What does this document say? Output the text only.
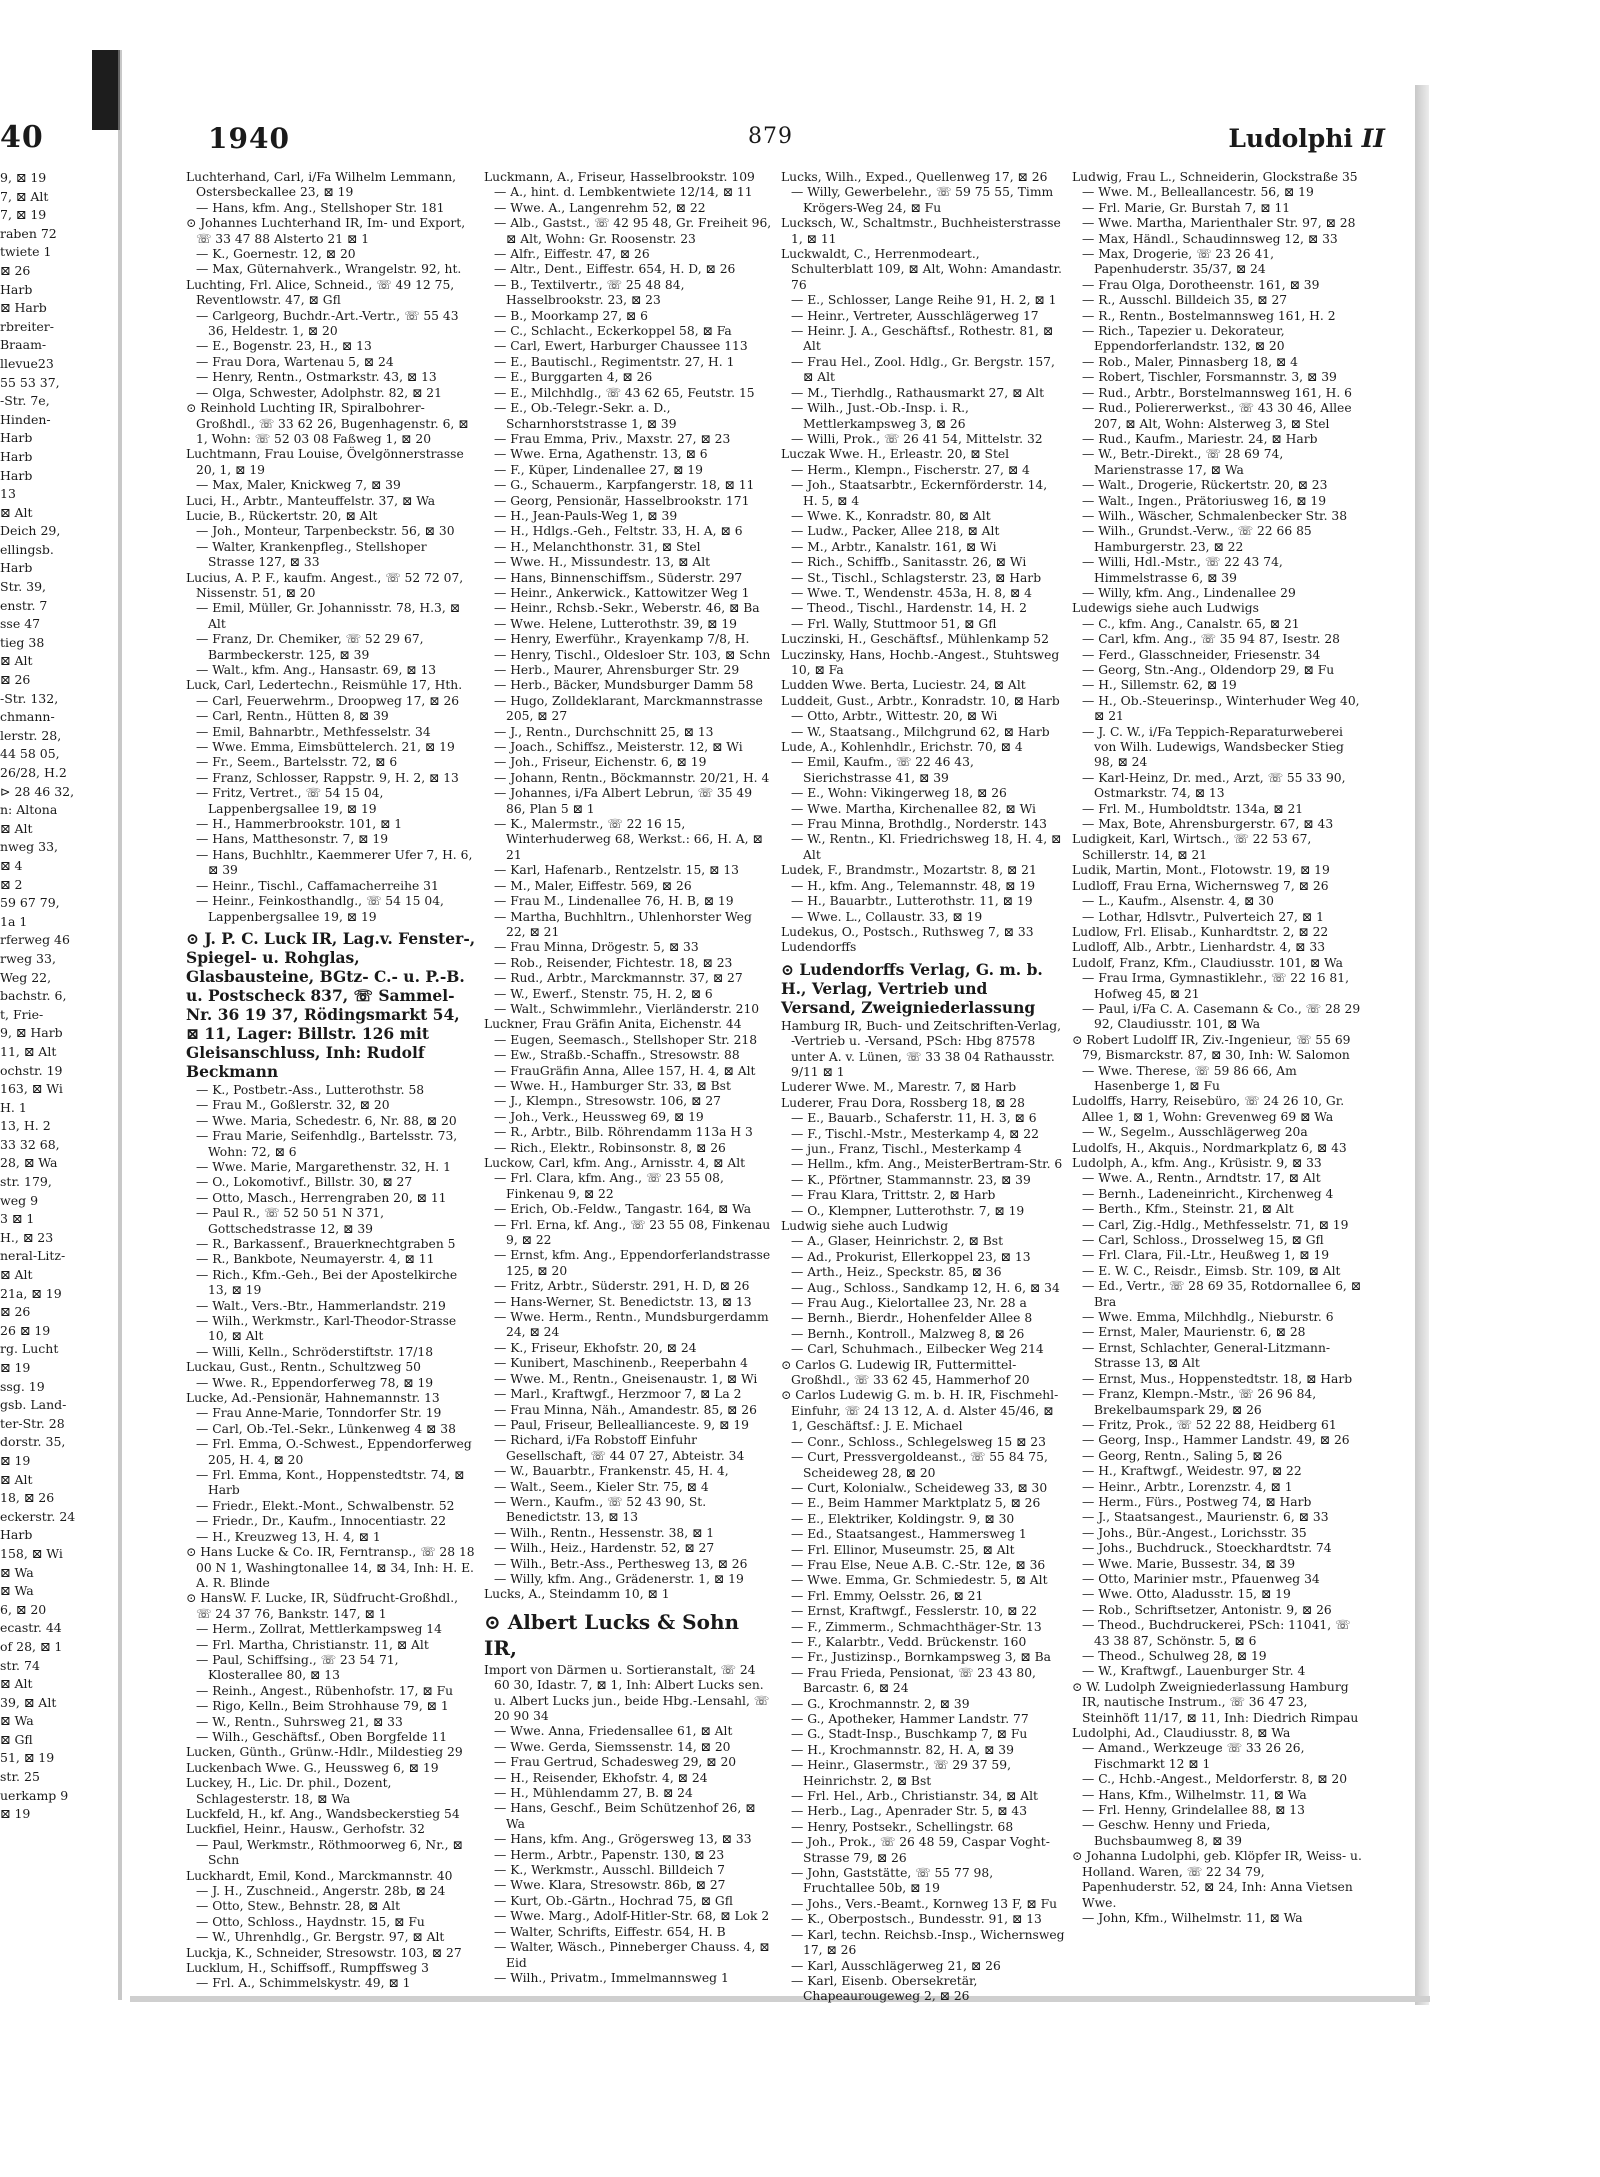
40
9, ⊠ 19
7, ⊠ Alt
7, ⊠ 19
raben 72
twiete 1
⊠ 26
Harb
⊠ Harb
rbreiter-
Braam-
llevue23
55 53 37,
-Str. 7e,
Hinden-
Harb
Harb
Harb
13
⊠ Alt
Deich 29,
ellingsb.
Harb
Str. 39,
enstr. 7
sse 47
tieg 38
⊠ Alt
⊠ 26
-Str. 132,
chmann-
lerstr. 28,
44 58 05,
26/28, H.2
⊳ 28 46 32,
n: Altona
⊠ Alt
nweg 33,
⊠ 4
⊠ 2
59 67 79,
1a 1
rferweg 46
rweg 33,
Weg 22,
bachstr. 6,
t, Frie-
9, ⊠ Harb
11, ⊠ Alt
ochstr. 19
163, ⊠ Wi
H. 1
13, H. 2
33 32 68,
28, ⊠ Wa
str. 179,
weg 9
3 ⊠ 1
H., ⊠ 23
neral-Litz-
⊠ Alt
21a, ⊠ 19
⊠ 26
26 ⊠ 19
rg. Lucht
⊠ 19
ssg. 19
gsb. Land-
ter-Str. 28
dorstr. 35,
⊠ 19
⊠ Alt
18, ⊠ 26
eckerstr. 24
Harb
158, ⊠ Wi
⊠ Wa
⊠ Wa
6, ⊠ 20
ecastr. 44
of 28, ⊠ 1
str. 74
⊠ Alt
39, ⊠ Alt
⊠ Wa
⊠ Gfl
51, ⊠ 19
str. 25
uerkamp 9
⊠ 19
1940	879	Ludolphi II

Luchterhand, Carl, i/Fa Wilhelm Lemmann, Ostersbeckallee 23, ⊠ 19

— Hans, kfm. Ang., Stellshoper Str. 181

⊙ Johannes Luchterhand IR, Im- und Export, ☏ 33 47 88 Alsterto 21 ⊠ 1

— K., Goernestr. 12, ⊠ 20

— Max, Güternahverk., Wrangelstr. 92, ht.

Luchting, Frl. Alice, Schneid., ☏ 49 12 75, Reventlowstr. 47, ⊠ Gfl

— Carlgeorg, Buchdr.-Art.-Vertr., ☏ 55 43 36, Heldestr. 1, ⊠ 20

— E., Bogenstr. 23, H., ⊠ 13

— Frau Dora, Wartenau 5, ⊠ 24

— Henry, Rentn., Ostmarkstr. 43, ⊠ 13

— Olga, Schwester, Adolphstr. 82, ⊠ 21

⊙ Reinhold Luchting IR, Spiralbohrer-Großhdl., ☏ 33 62 26, Bugenhagenstr. 6, ⊠ 1, Wohn: ☏ 52 03 08 Faßweg 1, ⊠ 20

Luchtmann, Frau Louise, Övelgönnerstrasse 20, 1, ⊠ 19

— Max, Maler, Knickweg 7, ⊠ 39

Luci, H., Arbtr., Manteuffelstr. 37, ⊠ Wa

Lucie, B., Rückertstr. 20, ⊠ Alt

— Joh., Monteur, Tarpenbeckstr. 56, ⊠ 30

— Walter, Krankenpfleg., Stellshoper Strasse 127, ⊠ 33

Lucius, A. P. F., kaufm. Angest., ☏ 52 72 07, Nissenstr. 51, ⊠ 20

— Emil, Müller, Gr. Johannisstr. 78, H.3, ⊠ Alt

— Franz, Dr. Chemiker, ☏ 52 29 67, Barmbeckerstr. 125, ⊠ 39

— Walt., kfm. Ang., Hansastr. 69, ⊠ 13

Luck, Carl, Ledertechn., Reismühle 17, Hth.

— Carl, Feuerwehrm., Droopweg 17, ⊠ 26

— Carl, Rentn., Hütten 8, ⊠ 39

— Emil, Bahnarbtr., Methfesselstr. 34

— Wwe. Emma, Eimsbüttelerch. 21, ⊠ 19

— Fr., Seem., Bartelsstr. 72, ⊠ 6

— Franz, Schlosser, Rappstr. 9, H. 2, ⊠ 13

— Fritz, Vertret., ☏ 54 15 04, Lappenbergsallee 19, ⊠ 19

— H., Hammerbrookstr. 101, ⊠ 1

— Hans, Matthesonstr. 7, ⊠ 19

— Hans, Buchhltr., Kaemmerer Ufer 7, H. 6, ⊠ 39

— Heinr., Tischl., Caffamacherreihe 31

— Heinr., Feinkosthandlg., ☏ 54 15 04, Lappenbergsallee 19, ⊠ 19

⊙ J. P. C. Luck IR, Lag.v. Fenster-, Spiegel- u. Rohglas, Glasbausteine, BGtz- C.- u. P.-B. u. Postscheck 837, ☏ Sammel-Nr. 36 19 37, Rödingsmarkt 54, ⊠ 11, Lager: Billstr. 126 mit Gleisanschluss, Inh: Rudolf Beckmann

— K., Postbetr.-Ass., Lutterothstr. 58

— Frau M., Goßlerstr. 32, ⊠ 20

— Wwe. Maria, Schedestr. 6, Nr. 88, ⊠ 20

— Frau Marie, Seifenhdlg., Bartelsstr. 73, Wohn: 72, ⊠ 6

— Wwe. Marie, Margarethenstr. 32, H. 1

— O., Lokomotivf., Billstr. 30, ⊠ 27

— Otto, Masch., Herrengraben 20, ⊠ 11

— Paul R., ☏ 52 50 51 N 371, Gottschedstrasse 12, ⊠ 39

— R., Barkassenf., Brauerknechtgraben 5

— R., Bankbote, Neumayerstr. 4, ⊠ 11

— Rich., Kfm.-Geh., Bei der Apostelkirche 13, ⊠ 19

— Walt., Vers.-Btr., Hammerlandstr. 219

— Wilh., Werkmstr., Karl-Theodor-Strasse 10, ⊠ Alt

— Willi, Kelln., Schröderstiftstr. 17/18

Luckau, Gust., Rentn., Schultzweg 50

— Wwe. R., Eppendorferweg 78, ⊠ 19

Lucke, Ad.-Pensionär, Hahnemannstr. 13

— Frau Anne-Marie, Tonndorfer Str. 19

— Carl, Ob.-Tel.-Sekr., Lünkenweg 4 ⊠ 38

— Frl. Emma, O.-Schwest., Eppendorferweg 205, H. 4, ⊠ 20

— Frl. Emma, Kont., Hoppenstedtstr. 74, ⊠ Harb

— Friedr., Elekt.-Mont., Schwalbenstr. 52

— Friedr., Dr., Kaufm., Innocentiastr. 22

— H., Kreuzweg 13, H. 4, ⊠ 1

⊙ Hans Lucke & Co. IR, Ferntransp., ☏ 28 18 00 N 1, Washingtonallee 14, ⊠ 34, Inh: H. E. A. R. Blinde

⊙ HansW. F. Lucke, IR, Südfrucht-Großhdl., ☏ 24 37 76, Bankstr. 147, ⊠ 1

— Herm., Zollrat, Mettlerkampsweg 14

— Frl. Martha, Christianstr. 11, ⊠ Alt

— Paul, Schiffsing., ☏ 23 54 71, Klosterallee 80, ⊠ 13

— Reinh., Angest., Rübenhofstr. 17, ⊠ Fu

— Rigo, Kelln., Beim Strohhause 79, ⊠ 1

— W., Rentn., Suhrsweg 21, ⊠ 33

— Wilh., Geschäftsf., Oben Borgfelde 11

Lucken, Günth., Grünw.-Hdlr., Mildestieg 29

Luckenbach Wwe. G., Heussweg 6, ⊠ 19

Luckey, H., Lic. Dr. phil., Dozent, Schlagesterstr. 18, ⊠ Wa

Luckfeld, H., kf. Ang., Wandsbeckerstieg 54

Luckfiel, Heinr., Hausw., Gerhofstr. 32

— Paul, Werkmstr., Röthmoorweg 6, Nr., ⊠ Schn

Luckhardt, Emil, Kond., Marckmannstr. 40

— J. H., Zuschneid., Angerstr. 28b, ⊠ 24

— Otto, Stew., Behnstr. 28, ⊠ Alt

— Otto, Schloss., Haydnstr. 15, ⊠ Fu

— W., Uhrenhdlg., Gr. Bergstr. 97, ⊠ Alt

Luckja, K., Schneider, Stresowstr. 103, ⊠ 27

Lucklum, H., Schiffsoff., Rumpffsweg 3

— Frl. A., Schimmelskystr. 49, ⊠ 1

Luckmann, A., Friseur, Hasselbrookstr. 109

— A., hint. d. Lembkentwiete 12/14, ⊠ 11

— Wwe. A., Langenrehm 52, ⊠ 22

— Alb., Gastst., ☏ 42 95 48, Gr. Freiheit 96, ⊠ Alt, Wohn: Gr. Roosenstr. 23

— Alfr., Eiffestr. 47, ⊠ 26

— Altr., Dent., Eiffestr. 654, H. D, ⊠ 26

— B., Textilvertr., ☏ 25 48 84, Hasselbrookstr. 23, ⊠ 23

— B., Moorkamp 27, ⊠ 6

— C., Schlacht., Eckerkoppel 58, ⊠ Fa

— Carl, Ewert, Harburger Chaussee 113

— E., Bautischl., Regimentstr. 27, H. 1

— E., Burggarten 4, ⊠ 26

— E., Milchhdlg., ☏ 43 62 65, Feutstr. 15

— E., Ob.-Telegr.-Sekr. a. D., Scharnhorststrasse 1, ⊠ 39

— Frau Emma, Priv., Maxstr. 27, ⊠ 23

— Wwe. Erna, Agathenstr. 13, ⊠ 6

— F., Küper, Lindenallee 27, ⊠ 19

— G., Schauerm., Karpfangerstr. 18, ⊠ 11

— Georg, Pensionär, Hasselbrookstr. 171

— H., Jean-Pauls-Weg 1, ⊠ 39

— H., Hdlgs.-Geh., Feltstr. 33, H. A, ⊠ 6

— H., Melanchthonstr. 31, ⊠ Stel

— Wwe. H., Missundestr. 13, ⊠ Alt

— Hans, Binnenschiffsm., Süderstr. 297

— Heinr., Ankerwick., Kattowitzer Weg 1

— Heinr., Rchsb.-Sekr., Weberstr. 46, ⊠ Ba

— Wwe. Helene, Lutterothstr. 39, ⊠ 19

— Henry, Ewerführ., Krayenkamp 7/8, H.

— Henry, Tischl., Oldesloer Str. 103, ⊠ Schn

— Herb., Maurer, Ahrensburger Str. 29

— Herb., Bäcker, Mundsburger Damm 58

— Hugo, Zolldeklarant, Marckmannstrasse 205, ⊠ 27

— J., Rentn., Durchschnitt 25, ⊠ 13

— Joach., Schiffsz., Meisterstr. 12, ⊠ Wi

— Joh., Friseur, Eichenstr. 6, ⊠ 19

— Johann, Rentn., Böckmannstr. 20/21, H. 4

— Johannes, i/Fa Albert Lebrun, ☏ 35 49 86, Plan 5 ⊠ 1

— K., Malermstr., ☏ 22 16 15, Winterhuderweg 68, Werkst.: 66, H. A, ⊠ 21

— Karl, Hafenarb., Rentzelstr. 15, ⊠ 13

— M., Maler, Eiffestr. 569, ⊠ 26

— Frau M., Lindenallee 76, H. B, ⊠ 19

— Martha, Buchhltrn., Uhlenhorster Weg 22, ⊠ 21

— Frau Minna, Drögestr. 5, ⊠ 33

— Rob., Reisender, Fichtestr. 18, ⊠ 23

— Rud., Arbtr., Marckmannstr. 37, ⊠ 27

— W., Ewerf., Stenstr. 75, H. 2, ⊠ 6

— Walt., Schwimmlehr., Vierländerstr. 210

Luckner, Frau Gräfin Anita, Eichenstr. 44

— Eugen, Seemasch., Stellshoper Str. 218

— Ew., Straßb.-Schaffn., Stresowstr. 88

— FrauGräfin Anna, Allee 157, H. 4, ⊠ Alt

— Wwe. H., Hamburger Str. 33, ⊠ Bst

— J., Klempn., Stresowstr. 106, ⊠ 27

— Joh., Verk., Heussweg 69, ⊠ 19

— R., Arbtr., Bilb. Röhrendamm 113a H 3

— Rich., Elektr., Robinsonstr. 8, ⊠ 26

Luckow, Carl, kfm. Ang., Arnisstr. 4, ⊠ Alt

— Frl. Clara, kfm. Ang., ☏ 23 55 08, Finkenau 9, ⊠ 22

— Erich, Ob.-Feldw., Tangastr. 164, ⊠ Wa

— Frl. Erna, kf. Ang., ☏ 23 55 08, Finkenau 9, ⊠ 22

— Ernst, kfm. Ang., Eppendorferlandstrasse 125, ⊠ 20

— Fritz, Arbtr., Süderstr. 291, H. D, ⊠ 26

— Hans-Werner, St. Benedictstr. 13, ⊠ 13

— Wwe. Herm., Rentn., Mundsburgerdamm 24, ⊠ 24

— K., Friseur, Ekhofstr. 20, ⊠ 24

— Kunibert, Maschinenb., Reeperbahn 4

— Wwe. M., Rentn., Gneisenaustr. 1, ⊠ Wi

— Marl., Kraftwgf., Herzmoor 7, ⊠ La 2

— Frau Minna, Näh., Amandestr. 85, ⊠ 26

— Paul, Friseur, Belleallianceste. 9, ⊠ 19

— Richard, i/Fa Robstoff Einfuhr Gesellschaft, ☏ 44 07 27, Abteistr. 34

— W., Bauarbtr., Frankenstr. 45, H. 4,

— Walt., Seem., Kieler Str. 75, ⊠ 4

— Wern., Kaufm., ☏ 52 43 90, St. Benedictstr. 13, ⊠ 13

— Wilh., Rentn., Hessenstr. 38, ⊠ 1

— Wilh., Heiz., Hardenstr. 52, ⊠ 27

— Wilh., Betr.-Ass., Perthesweg 13, ⊠ 26

— Willy, kfm. Ang., Grädenerstr. 1, ⊠ 19

Lucks, A., Steindamm 10, ⊠ 1

⊙ Albert Lucks & Sohn IR,

Import von Därmen u. Sortieranstalt, ☏ 24 60 30, Idastr. 7, ⊠ 1, Inh: Albert Lucks sen. u. Albert Lucks jun., beide Hbg.-Lensahl, ☏ 20 90 34

— Wwe. Anna, Friedensallee 61, ⊠ Alt

— Wwe. Gerda, Siemssenstr. 14, ⊠ 20

— Frau Gertrud, Schadesweg 29, ⊠ 20

— H., Reisender, Ekhofstr. 4, ⊠ 24

— H., Mühlendamm 27, B. ⊠ 24

— Hans, Geschf., Beim Schützenhof 26, ⊠ Wa

— Hans, kfm. Ang., Grögersweg 13, ⊠ 33

— Herm., Arbtr., Papenstr. 130, ⊠ 23

— K., Werkmstr., Ausschl. Billdeich 7

— Wwe. Klara, Stresowstr. 86b, ⊠ 27

— Kurt, Ob.-Gärtn., Hochrad 75, ⊠ Gfl

— Wwe. Marg., Adolf-Hitler-Str. 68, ⊠ Lok 2

— Walter, Schrifts, Eiffestr. 654, H. B

— Walter, Wäsch., Pinneberger Chauss. 4, ⊠ Eid

— Wilh., Privatm., Immelmannsweg 1

Lucks, Wilh., Exped., Quellenweg 17, ⊠ 26

— Willy, Gewerbelehr., ☏ 59 75 55, Timm Krögers-Weg 24, ⊠ Fu

Lucksch, W., Schaltmstr., Buchheisterstrasse 1, ⊠ 11

Luckwaldt, C., Herrenmodeart., Schulterblatt 109, ⊠ Alt, Wohn: Amandastr. 76

— E., Schlosser, Lange Reihe 91, H. 2, ⊠ 1

— Heinr., Vertreter, Ausschlägerweg 17

— Heinr. J. A., Geschäftsf., Rothestr. 81, ⊠ Alt

— Frau Hel., Zool. Hdlg., Gr. Bergstr. 157, ⊠ Alt

— M., Tierhdlg., Rathausmarkt 27, ⊠ Alt

— Wilh., Just.-Ob.-Insp. i. R., Mettlerkampsweg 3, ⊠ 26

— Willi, Prok., ☏ 26 41 54, Mittelstr. 32

Luczak Wwe. H., Erleastr. 20, ⊠ Stel

— Herm., Klempn., Fischerstr. 27, ⊠ 4

— Joh., Staatsarbtr., Eckernförderstr. 14, H. 5, ⊠ 4

— Wwe. K., Konradstr. 80, ⊠ Alt

— Ludw., Packer, Allee 218, ⊠ Alt

— M., Arbtr., Kanalstr. 161, ⊠ Wi

— Rich., Schiffb., Sanitasstr. 26, ⊠ Wi

— St., Tischl., Schlagsterstr. 23, ⊠ Harb

— Wwe. T., Wendenstr. 453a, H. 8, ⊠ 4

— Theod., Tischl., Hardenstr. 14, H. 2

— Frl. Wally, Stuttmoor 51, ⊠ Gfl

Luczinski, H., Geschäftsf., Mühlenkamp 52

Luczinsky, Hans, Hochb.-Angest., Stuhtsweg 10, ⊠ Fa

Ludden Wwe. Berta, Luciestr. 24, ⊠ Alt

Luddeit, Gust., Arbtr., Konradstr. 10, ⊠ Harb

— Otto, Arbtr., Wittestr. 20, ⊠ Wi

— W., Staatsang., Milchgrund 62, ⊠ Harb

Lude, A., Kohlenhdlr., Erichstr. 70, ⊠ 4

— Emil, Kaufm., ☏ 22 46 43, Sierichstrasse 41, ⊠ 39

— E., Wohn: Vikingerweg 18, ⊠ 26

— Wwe. Martha, Kirchenallee 82, ⊠ Wi

— Frau Minna, Brothdlg., Norderstr. 143

— W., Rentn., Kl. Friedrichsweg 18, H. 4, ⊠ Alt

Ludek, F., Brandmstr., Mozartstr. 8, ⊠ 21

— H., kfm. Ang., Telemannstr. 48, ⊠ 19

— H., Bauarbtr., Lutterothstr. 11, ⊠ 19

— Wwe. L., Collaustr. 33, ⊠ 19

Ludekus, O., Postsch., Ruthsweg 7, ⊠ 33

Ludendorffs

⊙ Ludendorffs Verlag, G. m. b. H., Verlag, Vertrieb und Versand, Zweigniederlassung

Hamburg IR, Buch- und Zeitschriften-Verlag, -Vertrieb u. -Versand, PSch: Hbg 87578 unter A. v. Lünen, ☏ 33 38 04 Rathausstr. 9/11 ⊠ 1

Luderer Wwe. M., Marestr. 7, ⊠ Harb

Luderer, Frau Dora, Rossberg 18, ⊠ 28

— E., Bauarb., Schaferstr. 11, H. 3, ⊠ 6

— F., Tischl.-Mstr., Mesterkamp 4, ⊠ 22

— jun., Franz, Tischl., Mesterkamp 4

— Hellm., kfm. Ang., MeisterBertram-Str. 6

— K., Pförtner, Stammannstr. 23, ⊠ 39

— Frau Klara, Trittstr. 2, ⊠ Harb

— O., Klempner, Lutterothstr. 7, ⊠ 19

Ludwig siehe auch Ludwig

— A., Glaser, Heinrichstr. 2, ⊠ Bst

— Ad., Prokurist, Ellerkoppel 23, ⊠ 13

— Arth., Heiz., Speckstr. 85, ⊠ 36

— Aug., Schloss., Sandkamp 12, H. 6, ⊠ 34

— Frau Aug., Kielortallee 23, Nr. 28 a

— Bernh., Bierdr., Hohenfelder Allee 8

— Bernh., Kontroll., Malzweg 8, ⊠ 26

— Carl, Schuhmach., Eilbecker Weg 214

⊙ Carlos G. Ludewig IR, Futtermittel-Großhdl., ☏ 33 62 45, Hammerhof 20

⊙ Carlos Ludewig G. m. b. H. IR, Fischmehl-Einfuhr, ☏ 24 13 12, A. d. Alster 45/46, ⊠ 1, Geschäftsf.: J. E. Michael

— Conr., Schloss., Schlegelsweg 15 ⊠ 23

— Curt, Pressvergoldeanst., ☏ 55 84 75, Scheideweg 28, ⊠ 20

— Curt, Kolonialw., Scheideweg 33, ⊠ 30

— E., Beim Hammer Marktplatz 5, ⊠ 26

— E., Elektriker, Koldingstr. 9, ⊠ 30

— Ed., Staatsangest., Hammersweg 1

— Frl. Ellinor, Museumstr. 25, ⊠ Alt

— Frau Else, Neue A.B. C.-Str. 12e, ⊠ 36

— Wwe. Emma, Gr. Schmiedestr. 5, ⊠ Alt

— Frl. Emmy, Oelsstr. 26, ⊠ 21

— Ernst, Kraftwgf., Fesslerstr. 10, ⊠ 22

— F., Zimmerm., Schmachthäger-Str. 13

— F., Kalarbtr., Vedd. Brückenstr. 160

— Fr., Justizinsp., Bornkampsweg 3, ⊠ Ba

— Frau Frieda, Pensionat, ☏ 23 43 80, Barcastr. 6, ⊠ 24

— G., Krochmannstr. 2, ⊠ 39

— G., Apotheker, Hammer Landstr. 77

— G., Stadt-Insp., Buschkamp 7, ⊠ Fu

— H., Krochmannstr. 82, H. A, ⊠ 39

— Heinr., Glasermstr., ☏ 29 37 59, Heinrichstr. 2, ⊠ Bst

— Frl. Hel., Arb., Christianstr. 34, ⊠ Alt

— Herb., Lag., Apenrader Str. 5, ⊠ 43

— Henry, Postsekr., Schellingstr. 68

— Joh., Prok., ☏ 26 48 59, Caspar Voght-Strasse 79, ⊠ 26

— John, Gaststätte, ☏ 55 77 98, Fruchtallee 50b, ⊠ 19

— Johs., Vers.-Beamt., Kornweg 13 F, ⊠ Fu

— K., Oberpostsch., Bundesstr. 91, ⊠ 13

— Karl, techn. Reichsb.-Insp., Wichernsweg 17, ⊠ 26

— Karl, Ausschlägerweg 21, ⊠ 26

— Karl, Eisenb. Obersekretär, Chapeaurougeweg 2, ⊠ 26

Ludwig, Frau L., Schneiderin, Glockstraße 35

— Wwe. M., Belleallancestr. 56, ⊠ 19

— Frl. Marie, Gr. Burstah 7, ⊠ 11

— Wwe. Martha, Marienthaler Str. 97, ⊠ 28

— Max, Händl., Schaudinnsweg 12, ⊠ 33

— Max, Drogerie, ☏ 23 26 41, Papenhuderstr. 35/37, ⊠ 24

— Frau Olga, Dorotheenstr. 161, ⊠ 39

— R., Ausschl. Billdeich 35, ⊠ 27

— R., Rentn., Bostelmannsweg 161, H. 2

— Rich., Tapezier u. Dekorateur, Eppendorferlandstr. 132, ⊠ 20

— Rob., Maler, Pinnasberg 18, ⊠ 4

— Robert, Tischler, Forsmannstr. 3, ⊠ 39

— Rud., Arbtr., Borstelmannsweg 161, H. 6

— Rud., Poliererwerkst., ☏ 43 30 46, Allee 207, ⊠ Alt, Wohn: Alsterweg 3, ⊠ Stel

— Rud., Kaufm., Mariestr. 24, ⊠ Harb

— W., Betr.-Direkt., ☏ 28 69 74, Marienstrasse 17, ⊠ Wa

— Walt., Drogerie, Rückertstr. 20, ⊠ 23

— Walt., Ingen., Prätoriusweg 16, ⊠ 19

— Wilh., Wäscher, Schmalenbecker Str. 38

— Wilh., Grundst.-Verw., ☏ 22 66 85 Hamburgerstr. 23, ⊠ 22

— Willi, Hdl.-Mstr., ☏ 22 43 74, Himmelstrasse 6, ⊠ 39

— Willy, kfm. Ang., Lindenallee 29

Ludewigs siehe auch Ludwigs

— C., kfm. Ang., Canalstr. 65, ⊠ 21

— Carl, kfm. Ang., ☏ 35 94 87, Isestr. 28

— Ferd., Glasschneider, Friesenstr. 34

— Georg, Stn.-Ang., Oldendorp 29, ⊠ Fu

— H., Sillemstr. 62, ⊠ 19

— H., Ob.-Steuerinsp., Winterhuder Weg 40, ⊠ 21

— J. C. W., i/Fa Teppich-Reparaturweberei von Wilh. Ludewigs, Wandsbecker Stieg 98, ⊠ 24

— Karl-Heinz, Dr. med., Arzt, ☏ 55 33 90, Ostmarkstr. 74, ⊠ 13

— Frl. M., Humboldtstr. 134a, ⊠ 21

— Max, Bote, Ahrensburgerstr. 67, ⊠ 43

Ludigkeit, Karl, Wirtsch., ☏ 22 53 67, Schillerstr. 14, ⊠ 21

Ludik, Martin, Mont., Flotowstr. 19, ⊠ 19

Ludloff, Frau Erna, Wichernsweg 7, ⊠ 26

— L., Kaufm., Alsenstr. 4, ⊠ 30

— Lothar, Hdlsvtr., Pulverteich 27, ⊠ 1

Ludlow, Frl. Elisab., Kunhardtstr. 2, ⊠ 22

Ludloff, Alb., Arbtr., Lienhardstr. 4, ⊠ 33

Ludolf, Franz, Kfm., Claudiusstr. 101, ⊠ Wa

— Frau Irma, Gymnastiklehr., ☏ 22 16 81, Hofweg 45, ⊠ 21

— Paul, i/Fa C. A. Casemann & Co., ☏ 28 29 92, Claudiusstr. 101, ⊠ Wa

⊙ Robert Ludolff IR, Ziv.-Ingenieur, ☏ 55 69 79, Bismarckstr. 87, ⊠ 30, Inh: W. Salomon

— Wwe. Therese, ☏ 59 86 66, Am Hasenberge 1, ⊠ Fu

Ludolffs, Harry, Reisebüro, ☏ 24 26 10, Gr. Allee 1, ⊠ 1, Wohn: Grevenweg 69 ⊠ Wa

— W., Segelm., Ausschlägerweg 20a

Ludolfs, H., Akquis., Nordmarkplatz 6, ⊠ 43

Ludolph, A., kfm. Ang., Krüsistr. 9, ⊠ 33

— Wwe. A., Rentn., Arndtstr. 17, ⊠ Alt

— Bernh., Ladeneinricht., Kirchenweg 4

— Berth., Kfm., Steinstr. 21, ⊠ Alt

— Carl, Zig.-Hdlg., Methfesselstr. 71, ⊠ 19

— Carl, Schloss., Drosselweg 15, ⊠ Gfl

— Frl. Clara, Fil.-Ltr., Heußweg 1, ⊠ 19

— E. W. C., Reisdr., Eimsb. Str. 109, ⊠ Alt

— Ed., Vertr., ☏ 28 69 35, Rotdornallee 6, ⊠ Bra

— Wwe. Emma, Milchhdlg., Nieburstr. 6

— Ernst, Maler, Maurienstr. 6, ⊠ 28

— Ernst, Schlachter, General-Litzmann-Strasse 13, ⊠ Alt

— Ernst, Mus., Hoppenstedtstr. 18, ⊠ Harb

— Franz, Klempn.-Mstr., ☏ 26 96 84, Brekelbaumspark 29, ⊠ 26

— Fritz, Prok., ☏ 52 22 88, Heidberg 61

— Georg, Insp., Hammer Landstr. 49, ⊠ 26

— Georg, Rentn., Saling 5, ⊠ 26

— H., Kraftwgf., Weidestr. 97, ⊠ 22

— Heinr., Arbtr., Lorenzstr. 4, ⊠ 1

— Herm., Fürs., Postweg 74, ⊠ Harb

— J., Staatsangest., Maurienstr. 6, ⊠ 33

— Johs., Bür.-Angest., Lorichsstr. 35

— Johs., Buchdruck., Stoeckhardtstr. 74

— Wwe. Marie, Bussestr. 34, ⊠ 39

— Otto, Marinier mstr., Pfauenweg 34

— Wwe. Otto, Aladusstr. 15, ⊠ 19

— Rob., Schriftsetzer, Antonistr. 9, ⊠ 26

— Theod., Buchdruckerei, PSch: 11041, ☏ 43 38 87, Schönstr. 5, ⊠ 6

— Theod., Schulweg 28, ⊠ 19

— W., Kraftwgf., Lauenburger Str. 4

⊙ W. Ludolph Zweigniederlassung Hamburg IR, nautische Instrum., ☏ 36 47 23, Steinhöft 11/17, ⊠ 11, Inh: Diedrich Rimpau

Ludolphi, Ad., Claudiusstr. 8, ⊠ Wa

— Amand., Werkzeuge ☏ 33 26 26, Fischmarkt 12 ⊠ 1

— C., Hchb.-Angest., Meldorferstr. 8, ⊠ 20

— Hans, Kfm., Wilhelmstr. 11, ⊠ Wa

— Frl. Henny, Grindelallee 88, ⊠ 13

— Geschw. Henny und Frieda, Buchsbaumweg 8, ⊠ 39

⊙ Johanna Ludolphi, geb. Klöpfer IR, Weiss- u. Holland. Waren, ☏ 22 34 79, Papenhuderstr. 52, ⊠ 24, Inh: Anna Vietsen Wwe.

— John, Kfm., Wilhelmstr. 11, ⊠ Wa
